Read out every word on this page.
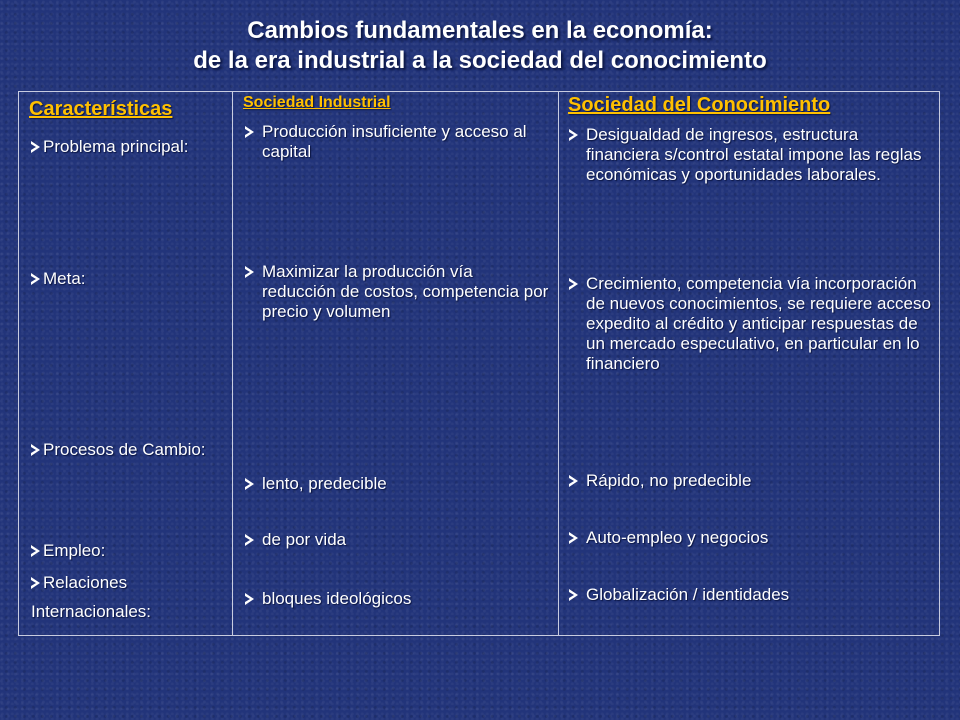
Cambios fundamentales en la economía:
de la era industrial a la sociedad del conocimiento
Características
Problema principal:
Meta:
Procesos de Cambio:
Empleo:
Relaciones Internacionales:
Sociedad Industrial
Producción insuficiente y acceso al capital
Maximizar la producción vía reducción de costos, competencia por precio y volumen
lento, predecible
de por vida
bloques ideológicos
Sociedad del Conocimiento
Desigualdad de ingresos, estructura financiera s/control estatal impone las reglas económicas y oportunidades laborales.
Crecimiento, competencia vía incorporación de nuevos conocimientos, se requiere acceso expedito al crédito y anticipar respuestas de un mercado especulativo, en particular en lo financiero
Rápido, no predecible
Auto-empleo y negocios
Globalización / identidades
